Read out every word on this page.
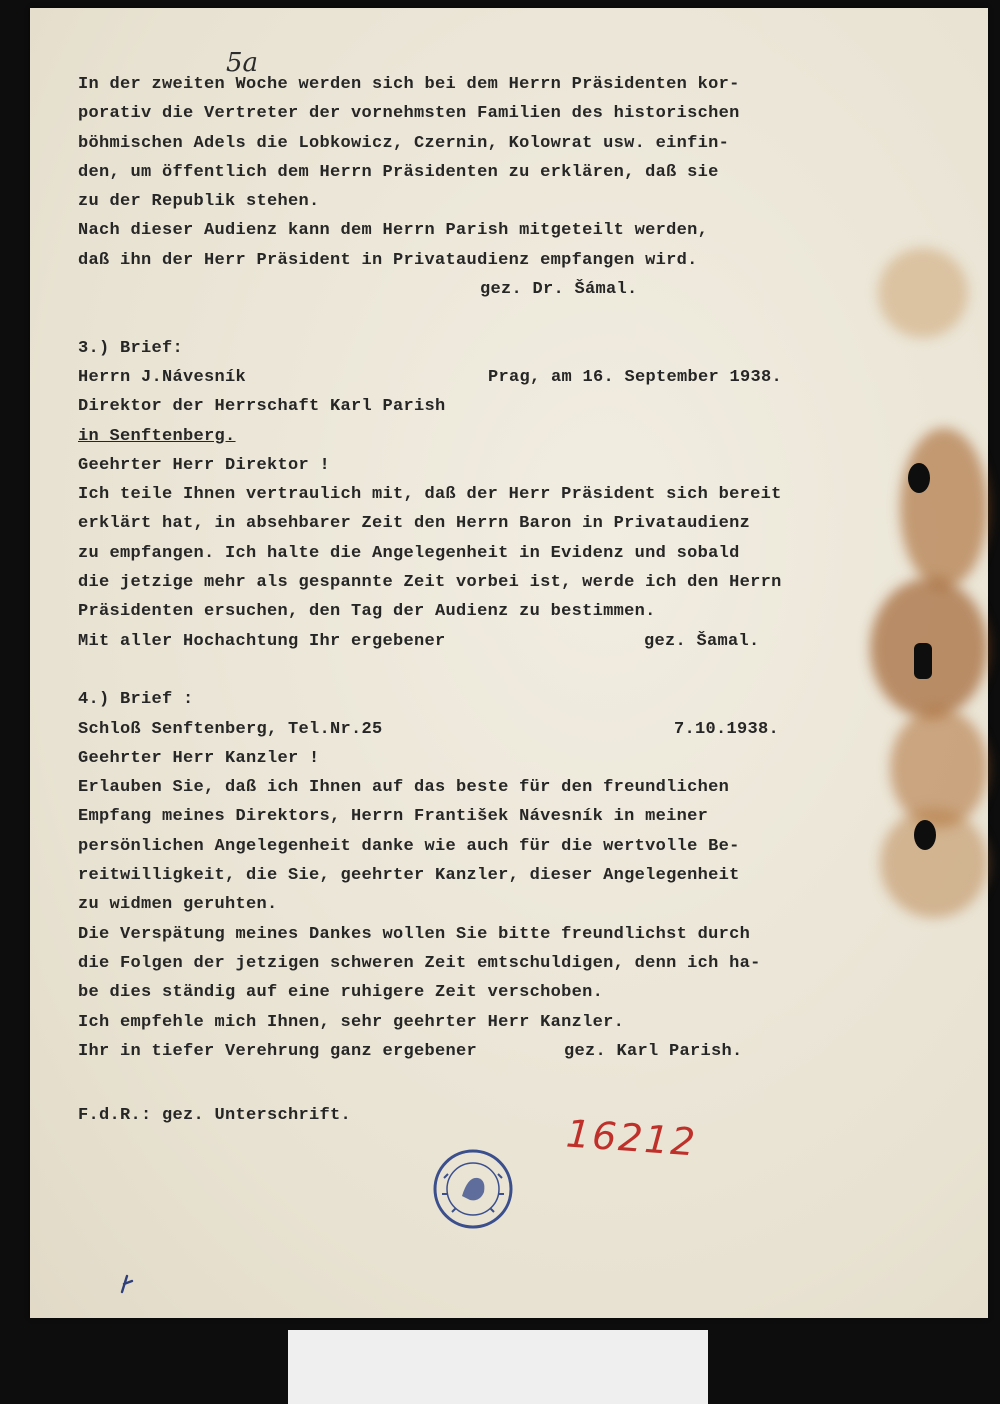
5a
In der zweiten Woche werden sich bei dem Herrn Präsidenten kor-
porativ die Vertreter der vornehmsten Familien des historischen
böhmischen Adels die Lobkowicz, Czernin, Kolowrat usw. einfin-
den, um öffentlich dem Herrn Präsidenten zu erklären, daß sie
zu der Republik stehen.
Nach dieser Audienz kann dem Herrn Parish mitgeteilt werden,
daß ihn der Herr Präsident in Privataudienz empfangen wird.
gez. Dr. Šámal.
3.) Brief:
Herrn J.Návesník	Prag, am 16. September 1938.
Direktor der Herrschaft Karl Parish
in Senftenberg.
Geehrter Herr Direktor !
Ich teile Ihnen vertraulich mit, daß der Herr Präsident sich bereit
erklärt hat, in absehbarer Zeit den Herrn Baron in Privataudienz
zu empfangen. Ich halte die Angelegenheit in Evidenz und sobald
die jetzige mehr als gespannte Zeit vorbei ist, werde ich den Herrn
Präsidenten ersuchen, den Tag der Audienz zu bestimmen.
Mit aller Hochachtung Ihr ergebener	gez. Šamal.
4.) Brief :
Schloß Senftenberg, Tel.Nr.25	7.10.1938.
Geehrter Herr Kanzler !
Erlauben Sie, daß ich Ihnen auf das beste für den freundlichen
Empfang meines Direktors, Herrn František Návesník in meiner
persönlichen Angelegenheit danke wie auch für die wertvolle Be-
reitwilligkeit, die Sie, geehrter Kanzler, dieser Angelegenheit
zu widmen geruhten.
Die Verspätung meines Dankes wollen Sie bitte freundlichst durch
die Folgen der jetzigen schweren Zeit emtschuldigen, denn ich ha-
be dies ständig auf eine ruhigere Zeit verschoben.
Ich empfehle mich Ihnen, sehr geehrter Herr Kanzler.
Ihr in tiefer Verehrung ganz ergebener	gez. Karl Parish.
F.d.R.: gez. Unterschrift.	16212
